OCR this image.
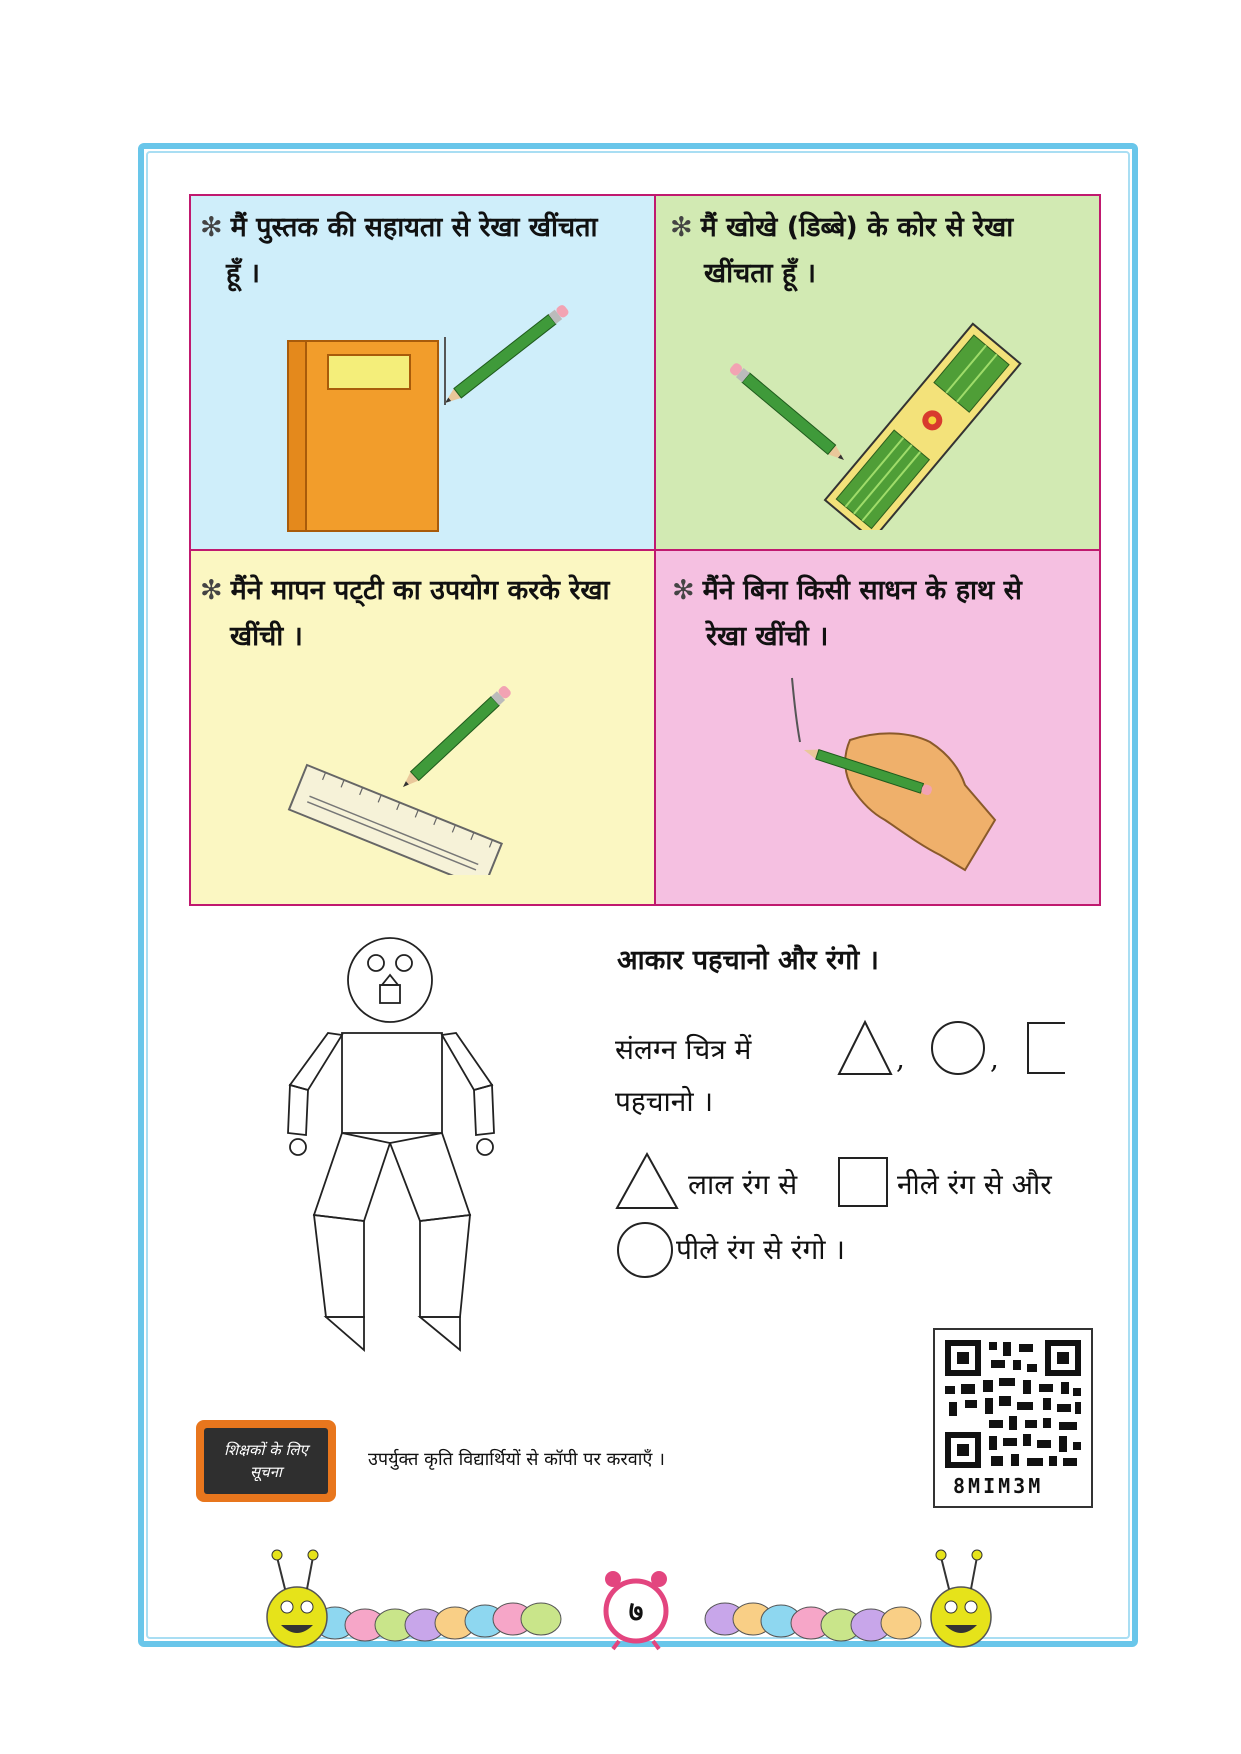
✻ मैं पुस्तक की सहायता से रेखा खींचता
हूँ ।
✻ मैं खोखे (डिब्बे) के कोर से रेखा
खींचता हूँ ।
✻ मैंने मापन पट्‌टी का उपयोग करके रेखा
खींची ।
✻ मैंने बिना किसी साधन के हाथ से
रेखा खींची ।
आकार पहचानो और रंगो ।
संलग्न चित्र में	,	,
पहचानो ।
लाल रंग से	नीले रंग से और
पीले रंग से रंगो ।
शिक्षकों के लिए
सूचना
उपर्युक्त कृति विद्यार्थियों से कॉपी पर करवाएँ ।
8MIM3M
७
